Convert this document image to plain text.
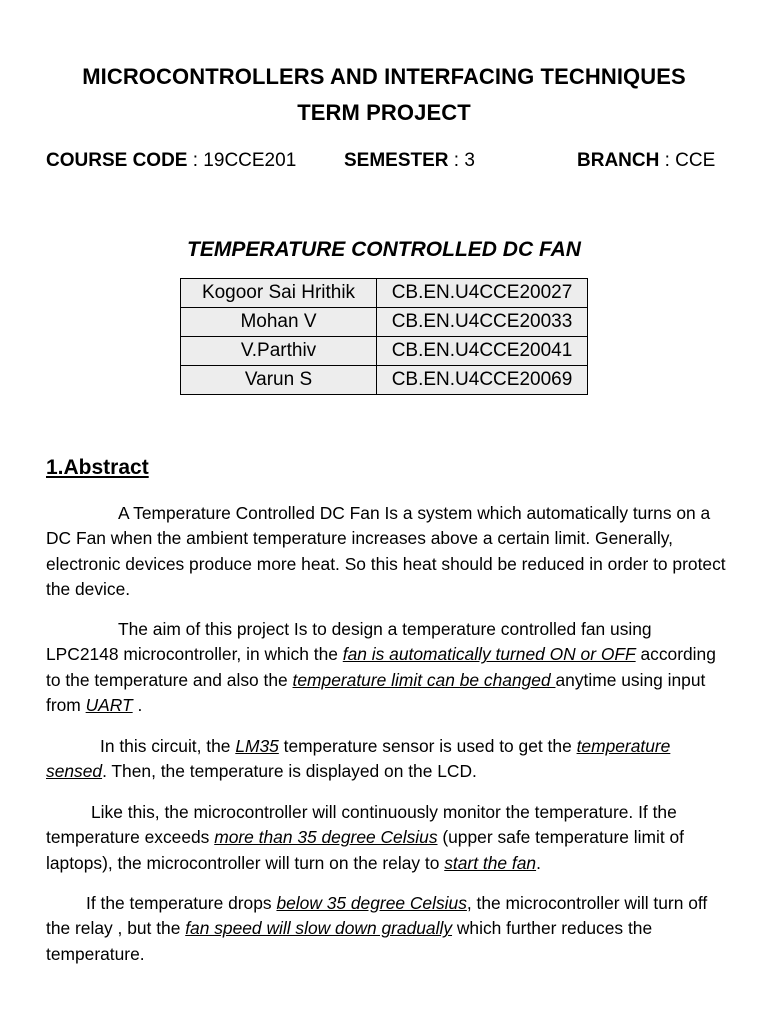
MICROCONTROLLERS AND INTERFACING TECHNIQUES
TERM PROJECT
COURSE CODE : 19CCE201	SEMESTER : 3	BRANCH : CCE
TEMPERATURE CONTROLLED DC FAN
Kogoor Sai Hrithik	CB.EN.U4CCE20027
Mohan V	CB.EN.U4CCE20033
V.Parthiv	CB.EN.U4CCE20041
Varun S	CB.EN.U4CCE20069
1.Abstract

A Temperature Controlled DC Fan Is a system which automatically turns on a DC Fan when the ambient temperature increases above a certain limit. Generally, electronic devices produce more heat. So this heat should be reduced in order to protect the device.

The aim of this project Is to design a temperature controlled fan using LPC2148 microcontroller, in which the fan is automatically turned ON or OFF according to the temperature and also the temperature limit can be changed anytime using input from UART .

In this circuit, the LM35 temperature sensor is used to get the temperature sensed. Then, the temperature is displayed on the LCD.

Like this, the microcontroller will continuously monitor the temperature. If the temperature exceeds more than 35 degree Celsius (upper safe temperature limit of laptops), the microcontroller will turn on the relay to start the fan.

If the temperature drops below 35 degree Celsius, the microcontroller will turn off the relay , but the fan speed will slow down gradually which further reduces the temperature.
